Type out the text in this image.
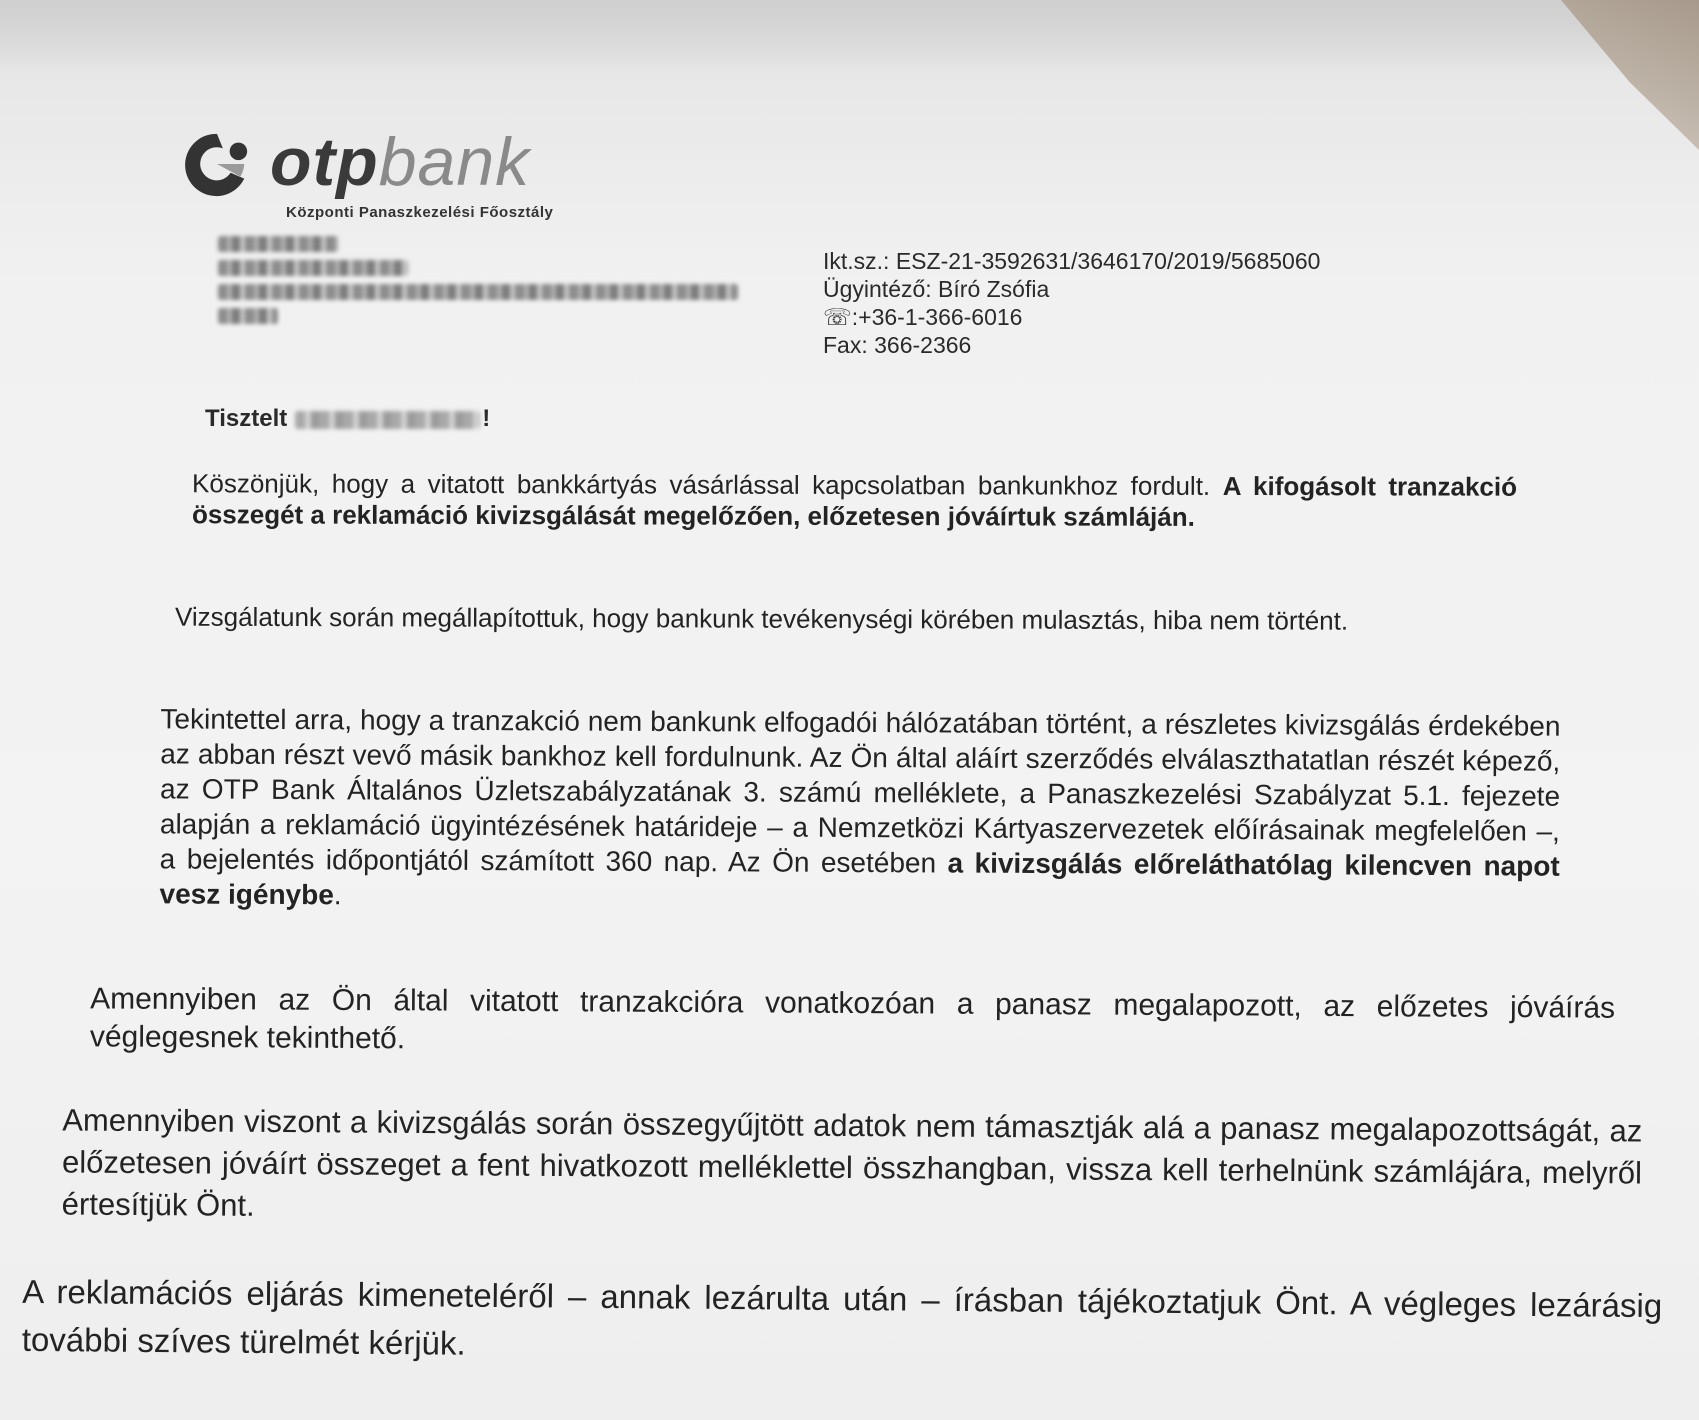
otpbank
Központi Panaszkezelési Főosztály
Ikt.sz.: ESZ-21-3592631/3646170/2019/5685060
Ügyintéző: Bíró Zsófia
☏:+36-1-366-6016
Fax: 366-2366
Tisztelt	!
Köszönjük, hogy a vitatott bankkártyás vásárlással kapcsolatban bankunkhoz fordult. A kifogásolt tranzakció összegét a reklamáció kivizsgálását megelőzően, előzetesen jóváírtuk számláján.
Vizsgálatunk során megállapítottuk, hogy bankunk tevékenységi körében mulasztás, hiba nem történt.
Tekintettel arra, hogy a tranzakció nem bankunk elfogadói hálózatában történt, a részletes kivizsgálás érdekében az abban részt vevő másik bankhoz kell fordulnunk. Az Ön által aláírt szerződés elválaszthatatlan részét képező, az OTP Bank Általános Üzletszabályzatának 3. számú melléklete, a Panaszkezelési Szabályzat 5.1. fejezete alapján a reklamáció ügyintézésének határideje – a Nemzetközi Kártyaszervezetek előírásainak megfelelően –, a bejelentés időpontjától számított 360 nap. Az Ön esetében a kivizsgálás előreláthatólag kilencven napot vesz igénybe.
Amennyiben az Ön által vitatott tranzakcióra vonatkozóan a panasz megalapozott, az előzetes jóváírás véglegesnek tekinthető.
Amennyiben viszont a kivizsgálás során összegyűjtött adatok nem támasztják alá a panasz megalapozottságát, az előzetesen jóváírt összeget a fent hivatkozott melléklettel összhangban, vissza kell terhelnünk számlájára, melyről értesítjük Önt.
A reklamációs eljárás kimeneteléről – annak lezárulta után – írásban tájékoztatjuk Önt. A végleges lezárásig további szíves türelmét kérjük.
